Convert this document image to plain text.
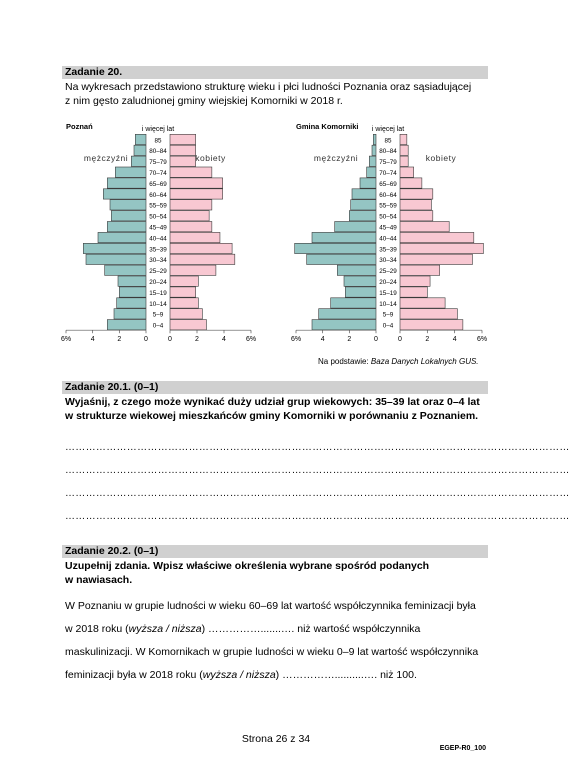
Zadanie 20.
Na wykresach przedstawiono strukturę wieku i płci ludności Poznania oraz sąsiadującej
z nim gęsto zaludnionej gminy wiejskiej Komorniki w 2018 r.
Poznań	i więcej lat
85
80–84
75–79
70–74
65–69
60–64
55–59
50–54
45–49
40–44
35–39
30–34
25–29
20–24
15–19
10–14
5–9
0–4
6%	4	2	0	0	2	4	6%
mężczyźni	kobiety
Gmina Komorniki i więcej lat
85
80–84
75–79
70–74
65–69
60–64
55–59
50–54
45–49
40–44
35–39
30–34
25–29
20–24
15–19
10–14
5–9
0–4
6%	4	2	0	0	2	4	6%
mężczyźni	kobiety
Na podstawie: Baza Danych Lokalnych GUS.
Zadanie 20.1. (0–1)
Wyjaśnij, z czego może wynikać duży udział grup wiekowych: 35–39 lat oraz 0–4 lat
w strukturze wiekowej mieszkańców gminy Komorniki w porównaniu z Poznaniem.
…………………………………………………………………………………………………………………………………
…………………………………………………………………………………………………………………………………
…………………………………………………………………………………………………………………………………
…………………………………………………………………………………………………………………………………
Zadanie 20.2. (0–1)
Uzupełnij zdania. Wpisz właściwe określenia wybrane spośród podanych
w nawiasach.
W Poznaniu w grupie ludności w wieku 60–69 lat wartość współczynnika feminizacji była
w 2018 roku (wyższa / niższa) …………….......…. niż wartość współczynnika
maskulinizacji. W Komornikach w grupie ludności w wieku 0–9 lat wartość współczynnika
feminizacji była w 2018 roku (wyższa / niższa) ……………..........…. niż 100.
Strona 26 z 34
EGEP-R0_100
